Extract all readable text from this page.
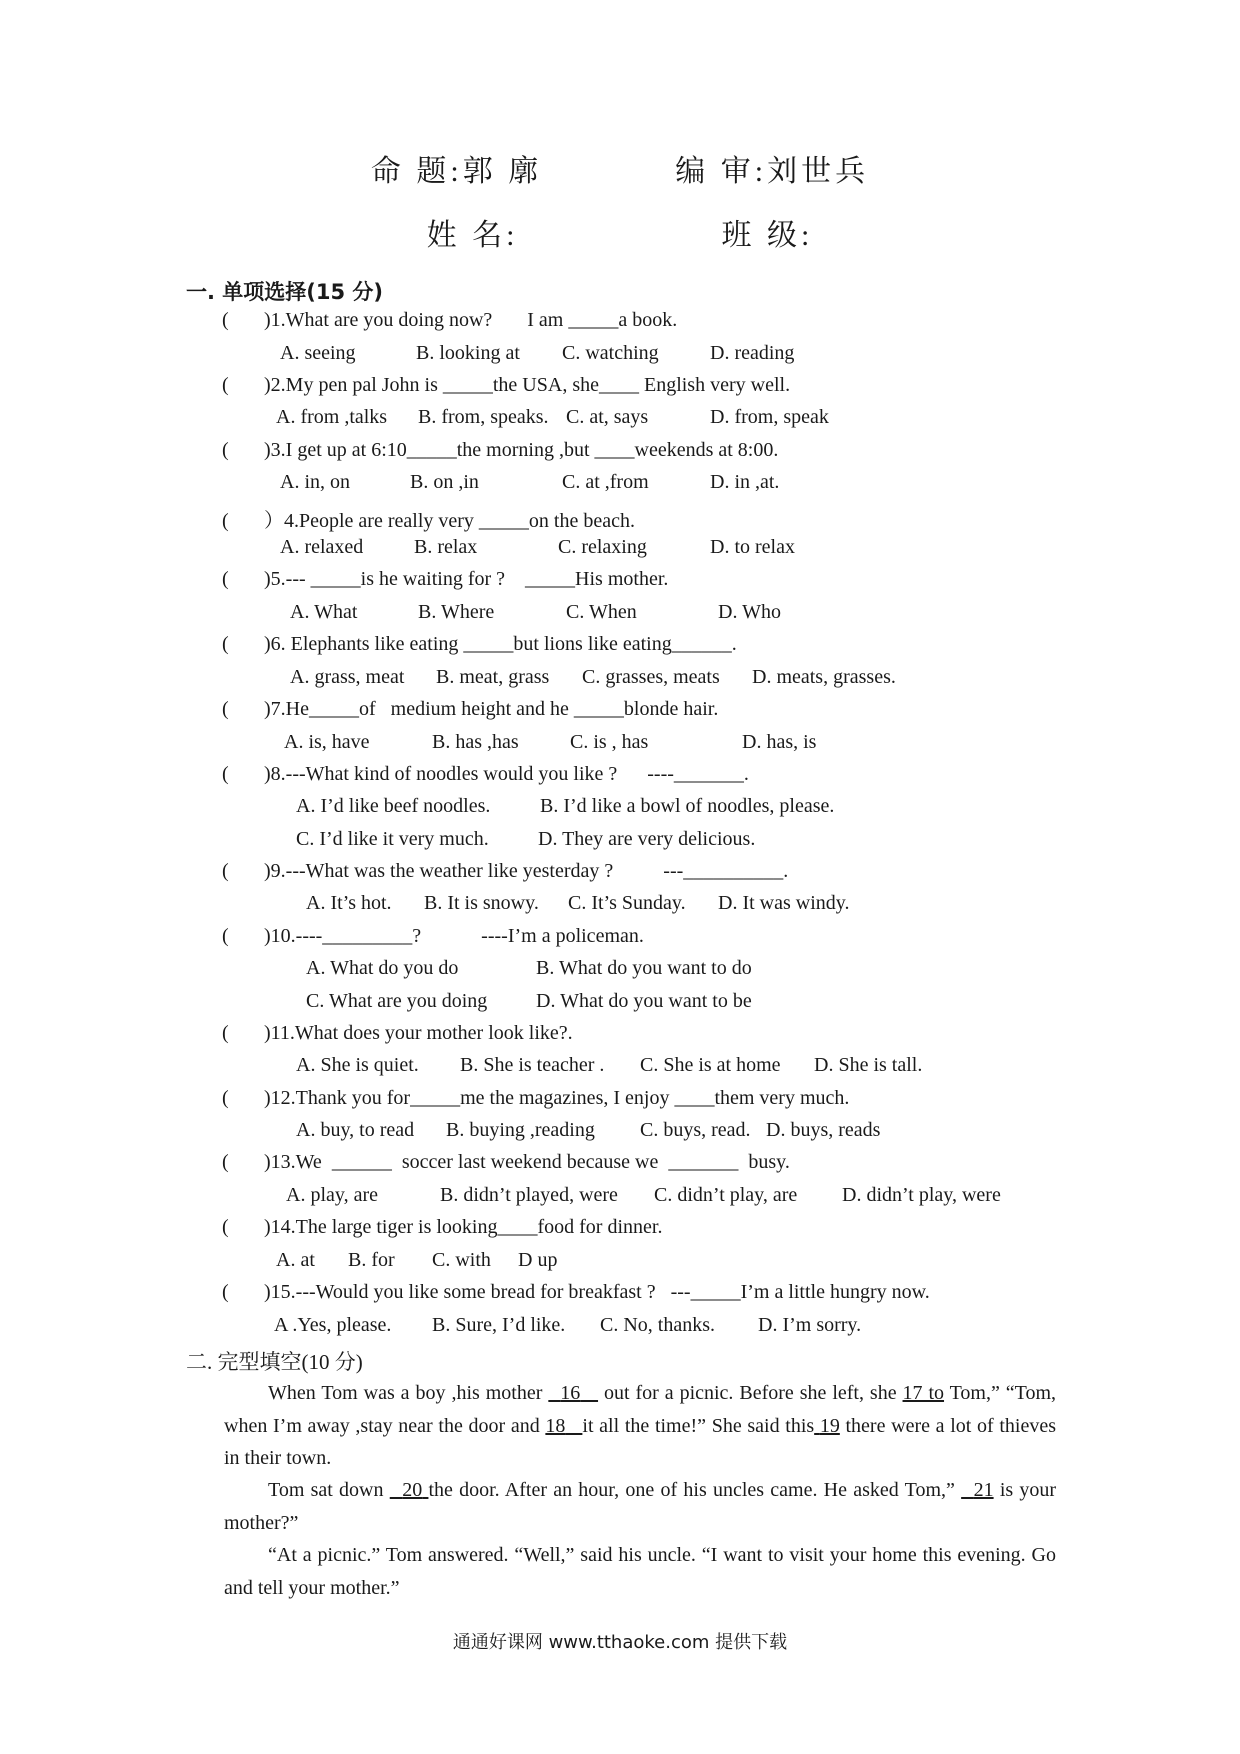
命 题:郭 廓	编 审:刘世兵
姓 名:	班 级:
一. 单项选择(15 分)
( )1.What are you doing now?       I am _____a book.
A. seeing	B. looking at C. watching	D. reading
( )2.My pen pal John is _____the USA, she____ English very well.
A. from ,talks B. from, speaks. C. at, says	D. from, speak
( )3.I get up at 6:10_____the morning ,but ____weekends at 8:00.
A. in, on	B. on ,in	C. at ,from	D. in ,at.
( ）4.People are really very _____on the beach.
A. relaxed	B. relax	C. relaxing	D. to relax
( )5.--- _____is he waiting for ?    _____His mother.
A. What	B. Where	C. When	D. Who
( )6. Elephants like eating _____but lions like eating______.
A. grass, meat B. meat, grass C. grasses, meats D. meats, grasses.
( )7.He_____of   medium height and he _____blonde hair.
A. is, have	B. has ,has	C. is , has	D. has, is
( )8.---What kind of noodles would you like ?      ----_______.
A. I’d like beef noodles. B. I’d like a bowl of noodles, please.
C. I’d like it very much. D. They are very delicious.
( )9.---What was the weather like yesterday ?          ---__________.
A. It’s hot. B. It is snowy. C. It’s Sunday. D. It was windy.
( )10.----_________?            ----I’m a policeman.
A. What do you do	B. What do you want to do
C. What are you doing D. What do you want to be
( )11.What does your mother look like?.
A. She is quiet. B. She is teacher . C. She is at home D. She is tall.
( )12.Thank you for_____me the magazines, I enjoy ____them very much.
A. buy, to read B. buying ,reading C. buys, read. D. buys, reads
( )13.We  ______  soccer last weekend because we  _______  busy.
A. play, are	B. didn’t played, were C. didn’t play, are D. didn’t play, were
( )14.The large tiger is looking____food for dinner.
A. at B. for C. with D up
( )15.---Would you like some bread for breakfast ?   ---_____I’m a little hungry now.
A .Yes, please. B. Sure, I’d like. C. No, thanks. D. I’m sorry.
二. 完型填空(10 分)
When Tom was a boy ,his mother 16 out for a picnic. Before she left, she 17 to Tom,” “Tom, when I’m away ,stay near the door and 18 it all the time!” She said this 19 there were a lot of thieves in their town.
Tom sat down 20 the door. After an hour, one of his uncles came. He asked Tom,” 21 is your mother?”
“At a picnic.” Tom answered. “Well,” said his uncle. “I want to visit your home this evening. Go and tell your mother.”
通通好课网 www.tthaoke.com 提供下载
